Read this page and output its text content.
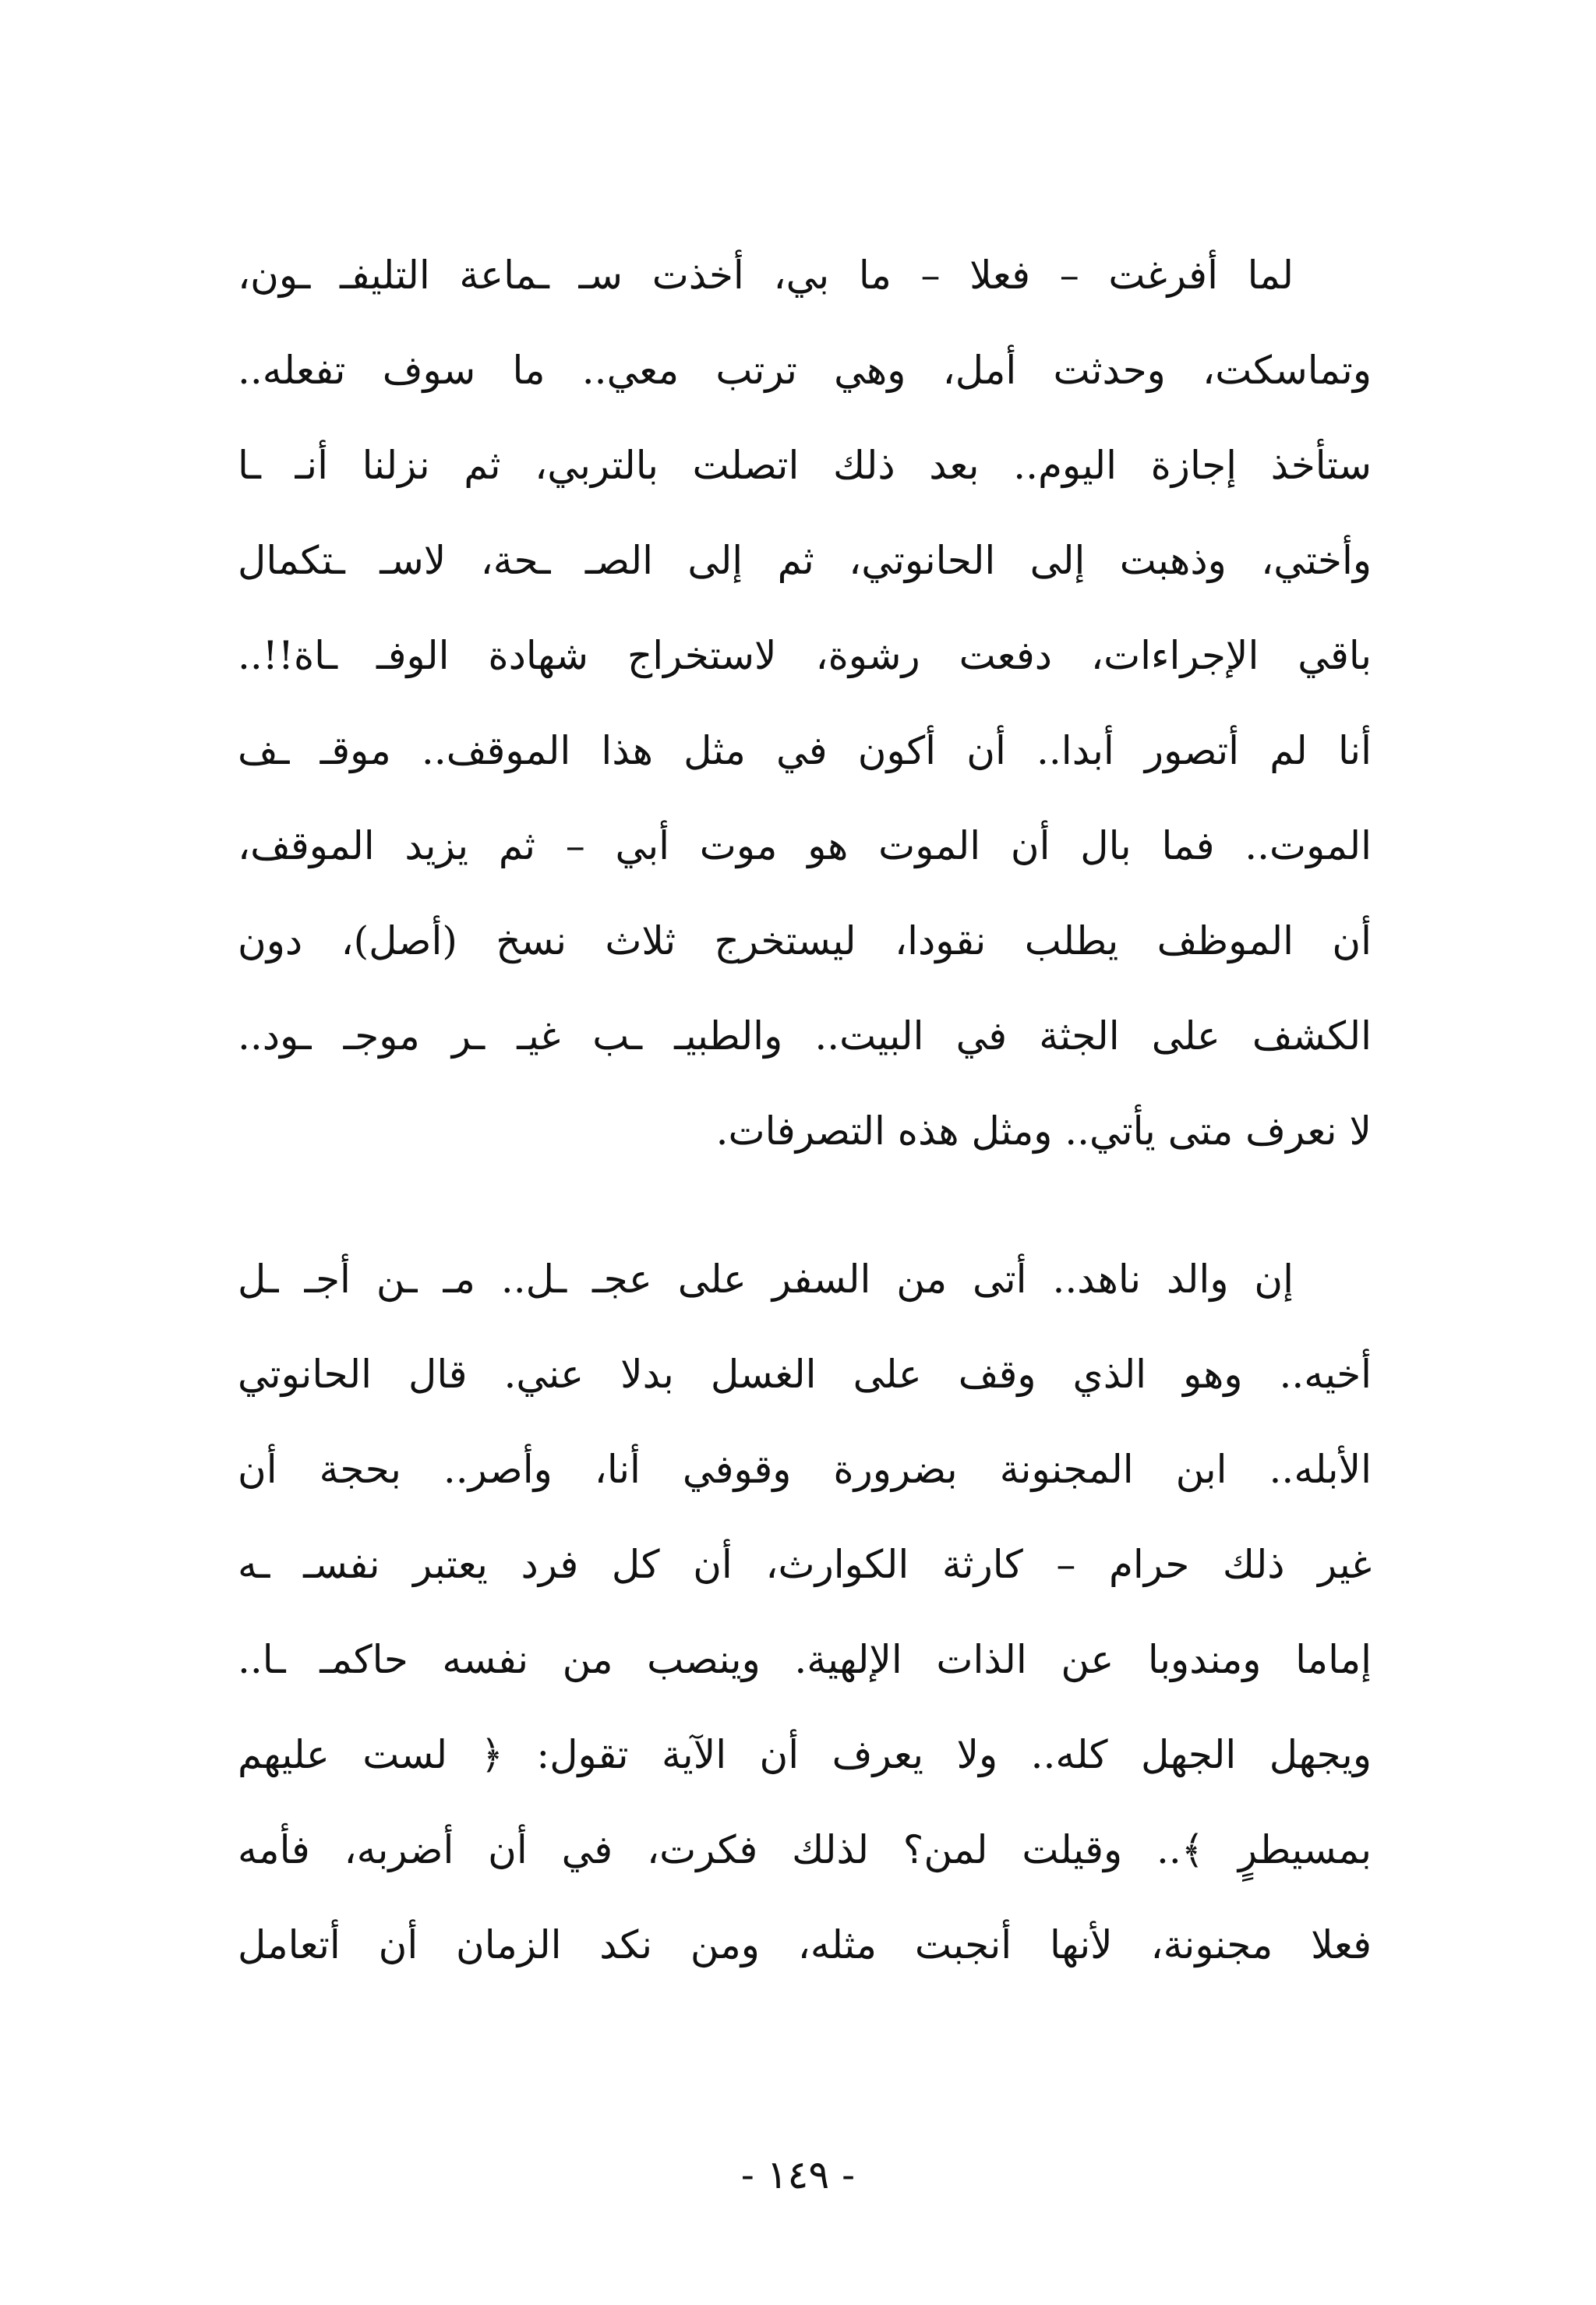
لما أفرغت – فعلا – ما بي، أخذت سـ ـماعة التليفـ ـون،
وتماسكت، وحدثت أمل، وهي ترتب معي.. ما سوف تفعله..
ستأخذ إجازة اليوم.. بعد ذلك اتصلت بالتربي، ثم نزلنا أنـ ـا
وأختي، وذهبت إلى الحانوتي، ثم إلى الصـ ـحة، لاسـ ـتكمال
باقي الإجراءات، دفعت رشوة، لاستخراج شهادة الوفـ ـاة!!..
أنا لم أتصور أبدا.. أن أكون في مثل هذا الموقف.. موقـ ـف
الموت.. فما بال أن الموت هو موت أبي – ثم يزيد الموقف،
أن الموظف يطلب نقودا، ليستخرج ثلاث نسخ (أصل)، دون
الكشف على الجثة في البيت.. والطبيـ ـب غيـ ـر موجـ ـود..
لا نعرف متى يأتي.. ومثل هذه التصرفات.
إن والد ناهد.. أتى من السفر على عجـ ـل.. مـ ـن أجـ ـل
أخيه.. وهو الذي وقف على الغسل بدلا عني. قال الحانوتي
الأبله.. ابن المجنونة بضرورة وقوفي أنا، وأصر.. بحجة أن
غير ذلك حرام – كارثة الكوارث، أن كل فرد يعتبر نفسـ ـه
إماما ومندوبا عن الذات الإلهية. وينصب من نفسه حاكمـ ـا..
ويجهل الجهل كله.. ولا يعرف أن الآية تقول: ﴿ لست عليهم
بمسيطرٍ ﴾.. وقيلت لمن؟ لذلك فكرت، في أن أضربه، فأمه
فعلا مجنونة، لأنها أنجبت مثله، ومن نكد الزمان أن أتعامل
- ١٤٩ -
